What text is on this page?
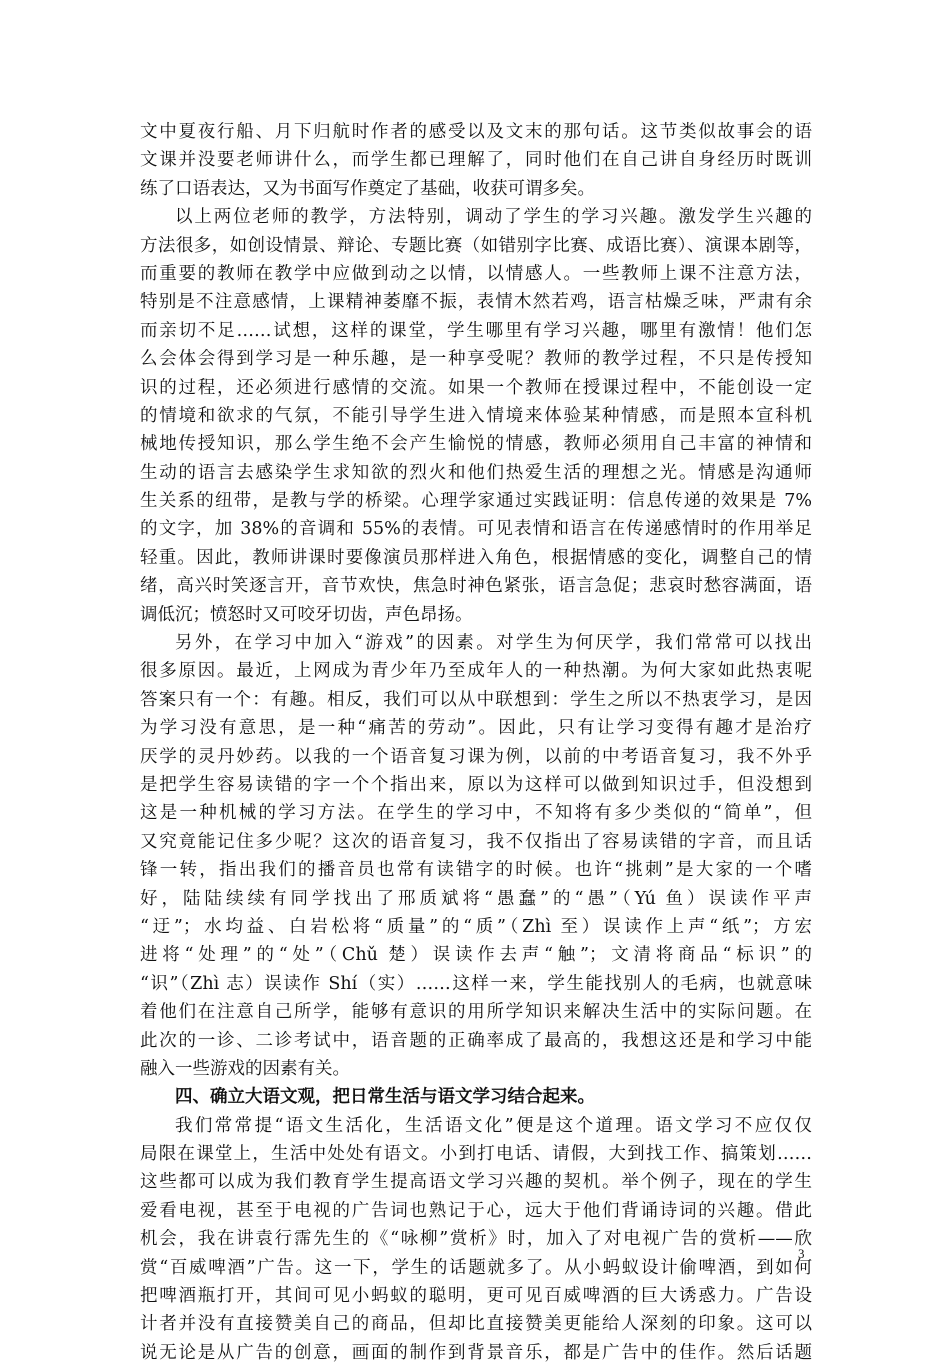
文中夏夜行船、月下归航时作者的感受以及文末的那句话。这节类似故事会的语
文课并没要老师讲什么，而学生都已理解了，同时他们在自己讲自身经历时既训
练了口语表达，又为书面写作奠定了基础，收获可谓多矣。
以上两位老师的教学，方法特别，调动了学生的学习兴趣。激发学生兴趣的
方法很多，如创设情景、辩论、专题比赛（如错别字比赛、成语比赛）、演课本剧等，
而重要的教师在教学中应做到动之以情，以情感人。一些教师上课不注意方法，
特别是不注意感情，上课精神萎靡不振，表情木然若鸡，语言枯燥乏味，严肃有余
而亲切不足……试想，这样的课堂，学生哪里有学习兴趣，哪里有激情！他们怎
么会体会得到学习是一种乐趣，是一种享受呢？教师的教学过程，不只是传授知
识的过程，还必须进行感情的交流。如果一个教师在授课过程中，不能创设一定
的情境和欲求的气氛，不能引导学生进入情境来体验某种情感，而是照本宣科机
械地传授知识，那么学生绝不会产生愉悦的情感，教师必须用自己丰富的神情和
生动的语言去感染学生求知欲的烈火和他们热爱生活的理想之光。情感是沟通师
生关系的纽带，是教与学的桥梁。心理学家通过实践证明：信息传递的效果是 7%
的文字，加 38%的音调和 55%的表情。可见表情和语言在传递感情时的作用举足
轻重。因此，教师讲课时要像演员那样进入角色，根据情感的变化，调整自己的情
绪，高兴时笑逐言开，音节欢快，焦急时神色紧张，语言急促；悲哀时愁容满面，语
调低沉；愤怒时又可咬牙切齿，声色昂扬。
另外，在学习中加入“游戏”的因素。对学生为何厌学，我们常常可以找出
很多原因。最近，上网成为青少年乃至成年人的一种热潮。为何大家如此热衷呢
答案只有一个：有趣。相反，我们可以从中联想到：学生之所以不热衷学习，是因
为学习没有意思，是一种“痛苦的劳动”。因此，只有让学习变得有趣才是治疗
厌学的灵丹妙药。以我的一个语音复习课为例，以前的中考语音复习，我不外乎
是把学生容易读错的字一个个指出来，原以为这样可以做到知识过手，但没想到
这是一种机械的学习方法。在学生的学习中，不知将有多少类似的“简单”，但
又究竟能记住多少呢？这次的语音复习，我不仅指出了容易读错的字音，而且话
锋一转，指出我们的播音员也常有读错字的时候。也许“挑刺”是大家的一个嗜
好，陆陆续续有同学找出了邢质斌将“愚蠢”的“愚”（Yú 鱼）误读作平声
“迂”；水均益、白岩松将“质量”的“质”（Zhì 至）误读作上声“纸”；方宏
进将“处理”的“处”（Chǔ 楚）误读作去声“触”；文清将商品“标识”的
“识”（Zhì 志）误读作 Shí（实）……这样一来，学生能找别人的毛病，也就意味
着他们在注意自己所学，能够有意识的用所学知识来解决生活中的实际问题。在
此次的一诊、二诊考试中，语音题的正确率成了最高的，我想这还是和学习中能
融入一些游戏的因素有关。
四、确立大语文观，把日常生活与语文学习结合起来。
我们常常提“语文生活化，生活语文化”便是这个道理。语文学习不应仅仅
局限在课堂上，生活中处处有语文。小到打电话、请假，大到找工作、搞策划……
这些都可以成为我们教育学生提高语文学习兴趣的契机。举个例子，现在的学生
爱看电视，甚至于电视的广告词也熟记于心，远大于他们背诵诗词的兴趣。借此
机会，我在讲袁行霈先生的《“咏柳”赏析》时，加入了对电视广告的赏析——欣
赏“百威啤酒”广告。这一下，学生的话题就多了。从小蚂蚁设计偷啤酒，到如何
把啤酒瓶打开，其间可见小蚂蚁的聪明，更可见百威啤酒的巨大诱惑力。广告设
计者并没有直接赞美自己的商品，但却比直接赞美更能给人深刻的印象。这可以
说无论是从广告的创意，画面的制作到背景音乐，都是广告中的佳作。然后话题
3
